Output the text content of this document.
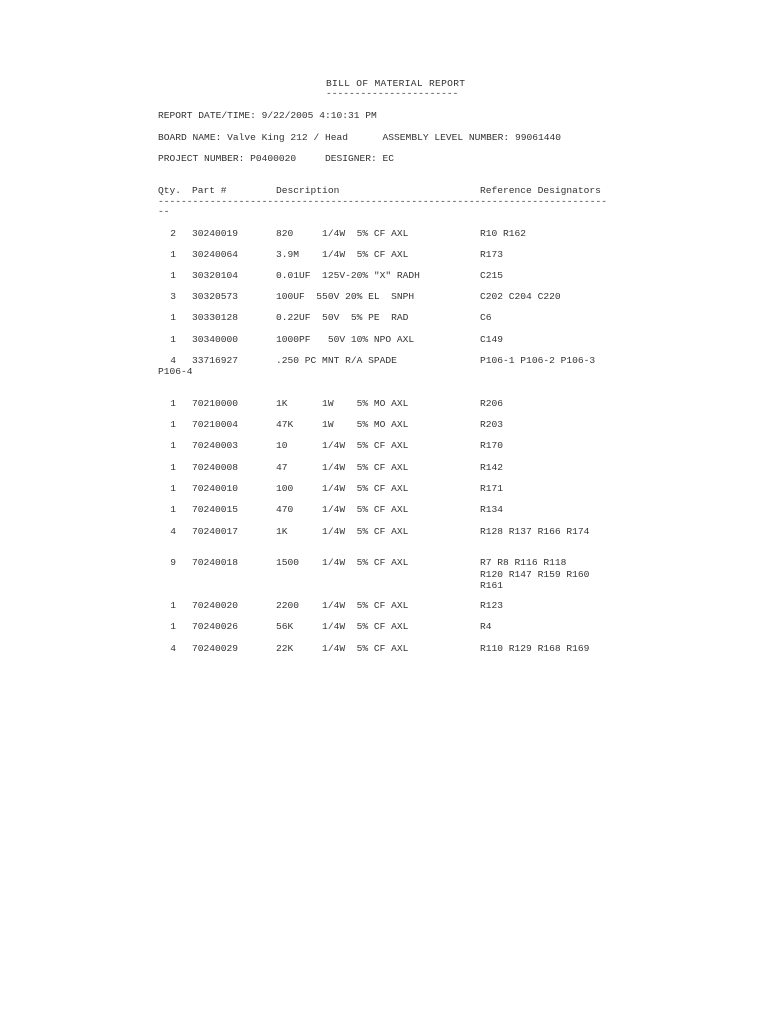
BILL OF MATERIAL REPORT
-----------------------
REPORT DATE/TIME: 9/22/2005 4:10:31 PM
BOARD NAME: Valve King 212 / Head      ASSEMBLY LEVEL NUMBER: 99061440
PROJECT NUMBER: P0400020     DESIGNER: EC
Qty. Part #	Description	Reference Designators
------------------------------------------------------------------------------
--
2 30240019	820     1/4W  5% CF AXL	R10 R162
1 30240064	3.9M    1/4W  5% CF AXL	R173
1 30320104	0.01UF  125V-20% "X" RADH	C215
3 30320573	100UF  550V 20% EL  SNPH	C202 C204 C220
1 30330128	0.22UF  50V  5% PE  RAD	C6
1 30340000	1000PF   50V 10% NPO AXL	C149
4 33716927	.250 PC MNT R/A SPADE	P106-1 P106-2 P106-3
P106-4
1 70210000	1K      1W    5% MO AXL	R206
1 70210004	47K     1W    5% MO AXL	R203
1 70240003	10      1/4W  5% CF AXL	R170
1 70240008	47      1/4W  5% CF AXL	R142
1 70240010	100     1/4W  5% CF AXL	R171
1 70240015	470     1/4W  5% CF AXL	R134
4 70240017	1K      1/4W  5% CF AXL	R128 R137 R166 R174
9 70240018	1500    1/4W  5% CF AXL	R7 R8 R116 R118
R120 R147 R159 R160
R161
1 70240020	2200    1/4W  5% CF AXL	R123
1 70240026	56K     1/4W  5% CF AXL	R4
4 70240029	22K     1/4W  5% CF AXL	R110 R129 R168 R169
